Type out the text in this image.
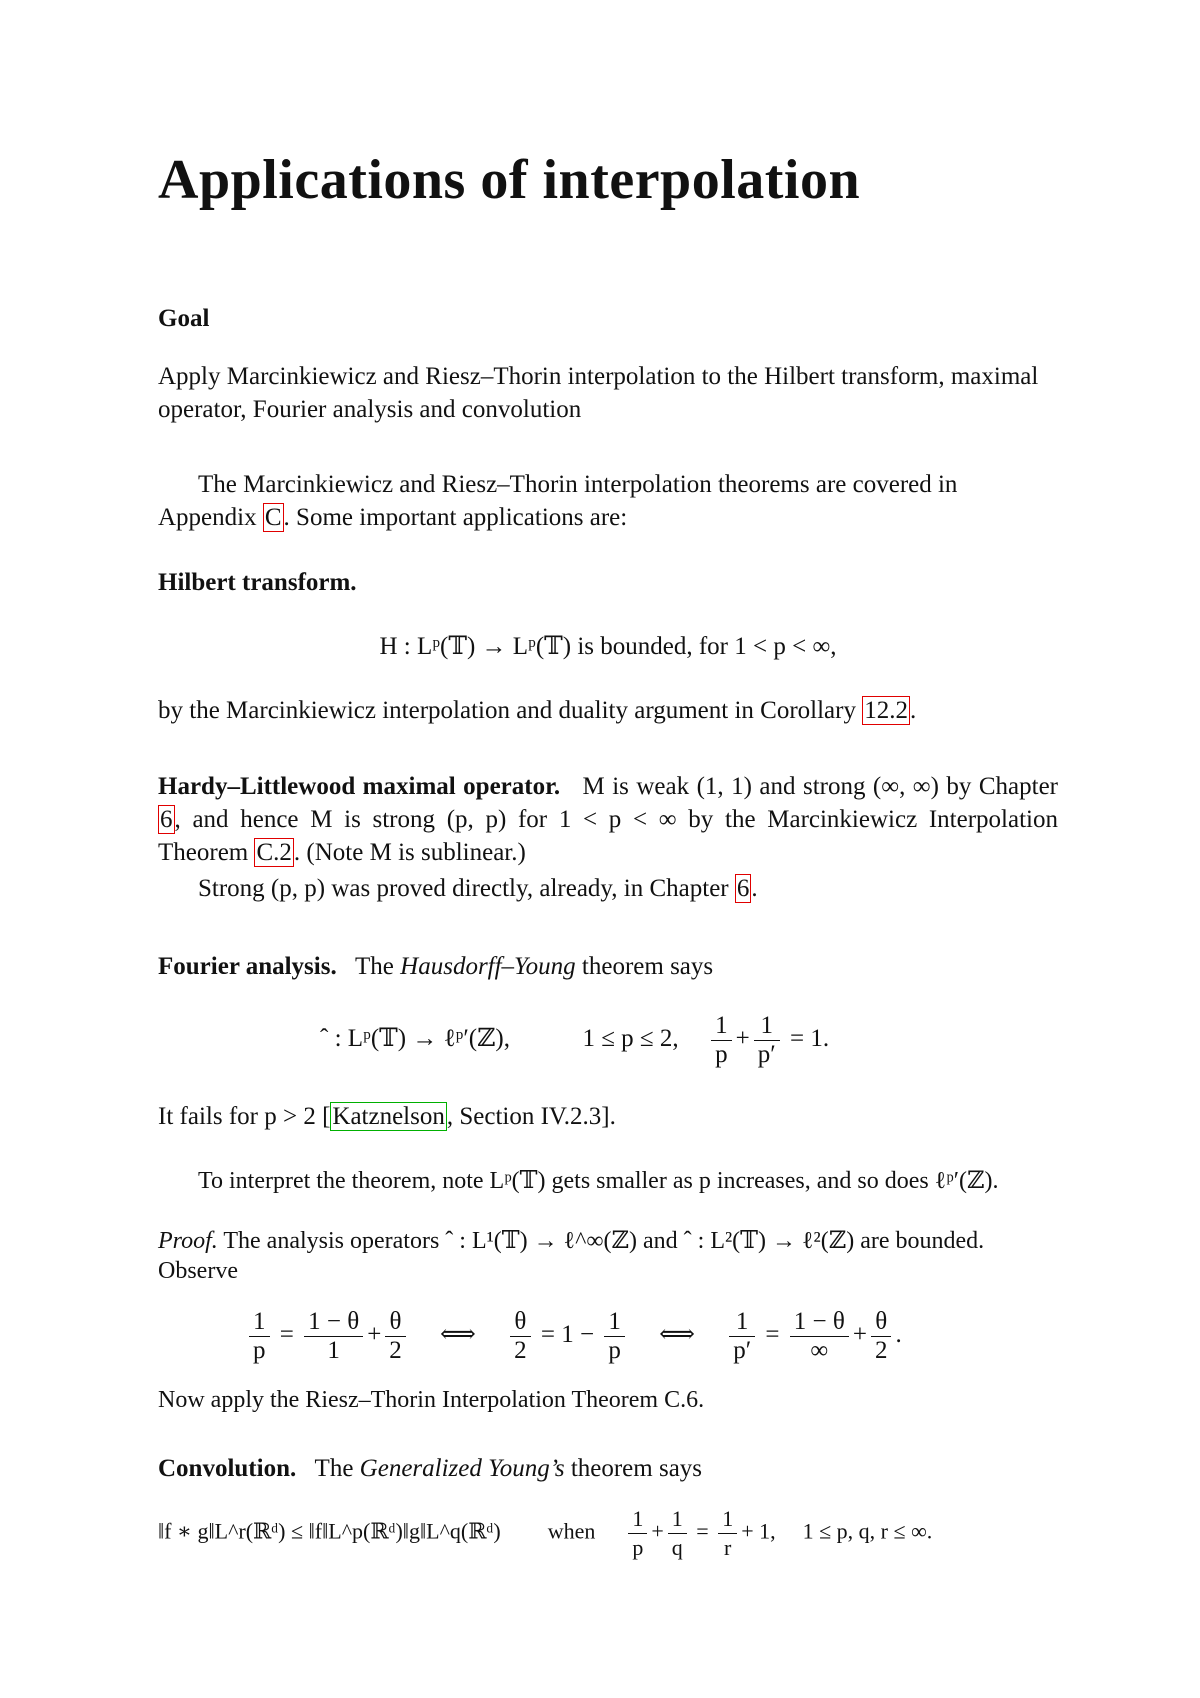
Applications of interpolation
Goal
Apply Marcinkiewicz and Riesz–Thorin interpolation to the Hilbert transform, maximal operator, Fourier analysis and convolution
The Marcinkiewicz and Riesz–Thorin interpolation theorems are covered in Appendix C. Some important applications are:
Hilbert transform.
H : Lᵖ(𝕋) → Lᵖ(𝕋) is bounded, for 1 < p < ∞,
by the Marcinkiewicz interpolation and duality argument in Corollary 12.2.
Hardy–Littlewood maximal operator. M is weak (1, 1) and strong (∞, ∞) by Chapter 6, and hence M is strong (p, p) for 1 < p < ∞ by the Marcinkiewicz Interpolation Theorem C.2. (Note M is sublinear.)
Strong (p, p) was proved directly, already, in Chapter 6.
Fourier analysis. The Hausdorff–Young theorem says
ˆ : Lᵖ(𝕋) → ℓᵖ′(ℤ),	1 ≤ p ≤ 2, $\frac{1}{p} + \frac{1}{p'} = 1$.
It fails for p > 2 [Katznelson, Section IV.2.3].
To interpret the theorem, note Lᵖ(𝕋) gets smaller as p increases, and so does ℓᵖ′(ℤ).
Proof. The analysis operators ˆ : L¹(𝕋) → ℓ^∞(ℤ) and ˆ : L²(𝕋) → ℓ²(ℤ) are bounded. Observe
$\frac{1}{p} = \frac{1 - \theta}{1} + \frac{\theta}{2}$ ⟺ $\frac{\theta}{2} = 1 - \frac{1}{p}$ ⟺ $\frac{1}{p'} = \frac{1 - \theta}{\infty} + \frac{\theta}{2}$ .
Now apply the Riesz–Thorin Interpolation Theorem C.6.
Convolution. The Generalized Young’s theorem says
‖f ∗ g‖L^r(ℝᵈ) ≤ ‖f‖L^p(ℝᵈ)‖g‖L^q(ℝᵈ) when $\frac{1}{p} + \frac{1}{q} = \frac{1}{r} + 1$, 1 ≤ p, q, r ≤ ∞.
